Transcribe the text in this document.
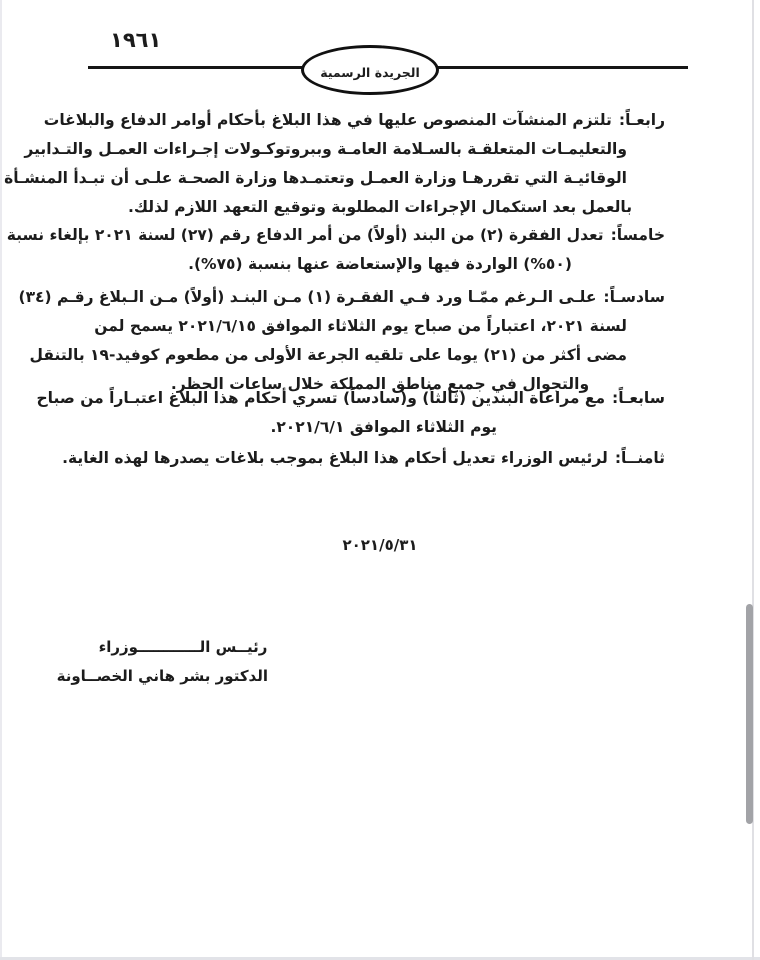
١٩٦١
الجريدة الرسمية
رابعـاً:تلتزم المنشآت المنصوص عليها في هذا البلاغ بأحكام أوامر الدفاع والبلاغات
والتعليمـات المتعلقـة بالسـلامة العامـة وببروتوكـولات إجـراءات العمـل والتـدابير
الوقائيـة التي تقررهـا وزارة العمـل وتعتمـدها وزارة الصحـة علـى أن تبـدأ المنشـأة
بالعمل بعد استكمال الإجراءات المطلوبة وتوقيع التعهد اللازم لذلك.
خامساً:تعدل الفقرة (٢) من البند (أولاً) من أمر الدفاع رقم (٢٧) لسنة ٢٠٢١ بإلغاء نسبة
(٥٠%) الواردة فيها والإستعاضة عنها بنسبة (٧٥%).
سادسـاً:علـى الـرغم ممّـا ورد فـي الفقـرة (١) مـن البنـد (أولاً) مـن الـبلاغ رقـم (٣٤)
لسنة ٢٠٢١، اعتباراً من صباح يوم الثلاثاء الموافق ٢٠٢١/٦/١٥ يسمح لمن
مضى أكثر من (٢١) يوما على تلقيه الجرعة الأولى من مطعوم كوفيد-١٩ بالتنقل
والتجوال في جميع مناطق المملكة خلال ساعات الحظر.
سابعـاً:مع مراعاة البندين (ثالثاً) و(سادساً) تسري أحكام هذا البلاغ اعتبـاراً من صباح
يوم الثلاثاء الموافق ٢٠٢١/٦/١.
ثامنــاً:لرئيس الوزراء تعديل أحكام هذا البلاغ بموجب بلاغات يصدرها لهذه الغاية.
٢٠٢١/٥/٣١
رئيــس الــــــــــــوزراء
الدكتور بشر هاني الخصــاونة
